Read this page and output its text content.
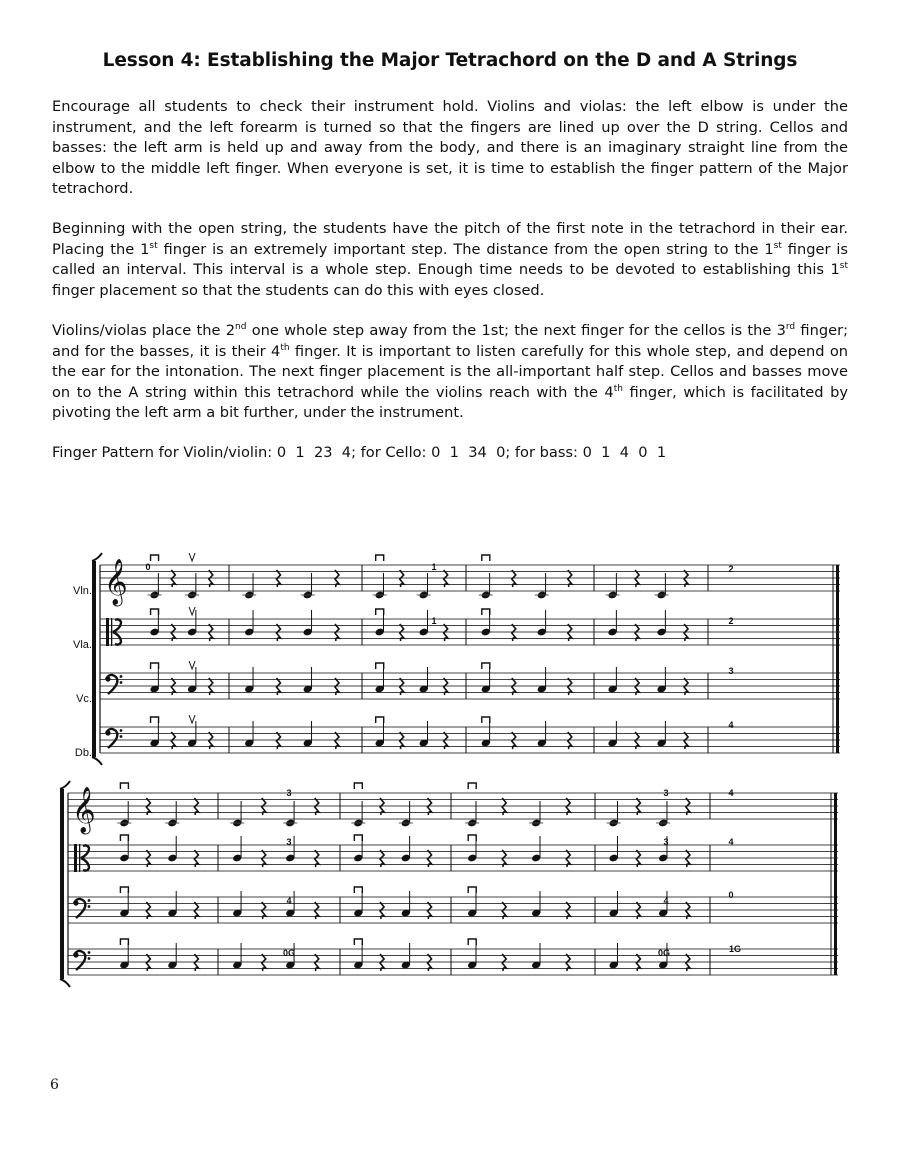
Lesson 4: Establishing the Major Tetrachord on the D and A Strings

Encourage all students to check their instrument hold. Violins and violas: the left elbow is under the instrument, and the left forearm is turned so that the fingers are lined up over the D string. Cellos and basses: the left arm is held up and away from the body, and there is an imaginary straight line from the elbow to the middle left finger. When everyone is set, it is time to establish the finger pattern of the Major tetrachord.

Beginning with the open string, the students have the pitch of the first note in the tetrachord in their ear. Placing the 1st finger is an extremely important step. The distance from the open string to the 1st finger is called an interval. This interval is a whole step. Enough time needs to be devoted to establishing this 1st finger placement so that the students can do this with eyes closed.

Violins/violas place the 2nd one whole step away from the 1st; the next finger for the cellos is the 3rd finger; and for the basses, it is their 4th finger. It is important to listen carefully for this whole step, and depend on the ear for the intonation. The next finger placement is the all-important half step. Cellos and basses move on to the A string within this tetrachord while the violins reach with the 4th finger, which is facilitated by pivoting the left arm a bit further, under the instrument.

Finger Pattern for Violin/violin: 0  1  23  4; for Cello: 0  1  34  0; for bass: 0  1  4  0  1
𝄞
𝄞
Vln.
Vla.
Vc.
Db.
0	1	2
1	2
3
4
3	3	4
3	3	4
4	4
0
0G	0G	1G
6
